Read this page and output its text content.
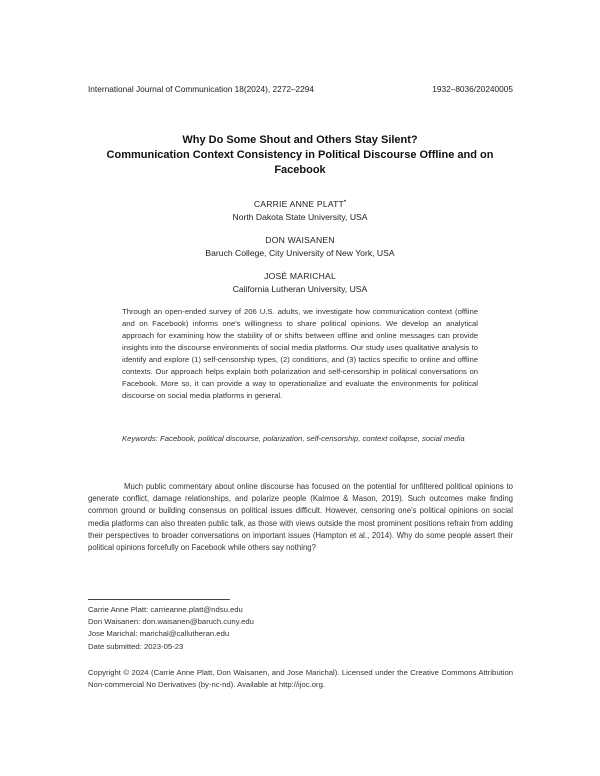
International Journal of Communication 18(2024), 2272–2294	1932–8036/20240005
Why Do Some Shout and Others Stay Silent?
Communication Context Consistency in Political Discourse Offline and on
Facebook
CARRIE ANNE PLATT•
North Dakota State University, USA
DON WAISANEN
Baruch College, City University of New York, USA
JOSÉ MARICHAL
California Lutheran University, USA

Through an open-ended survey of 206 U.S. adults, we investigate how communication context (offline and on Facebook) informs one's willingness to share political opinions. We develop an analytical approach for examining how the stability of or shifts between offline and online messages can provide insights into the discourse environments of social media platforms. Our study uses qualitative analysis to identify and explore (1) self-censorship types, (2) conditions, and (3) tactics specific to online and offline contexts. Our approach helps explain both polarization and self-censorship in political conversations on Facebook. More so, it can provide a way to operationalize and evaluate the environments for political discourse on social media platforms in general.

Keywords: Facebook, political discourse, polarization, self-censorship, context collapse, social media

Much public commentary about online discourse has focused on the potential for unfiltered political opinions to generate conflict, damage relationships, and polarize people (Kalmoe & Mason, 2019). Such outcomes make finding common ground or building consensus on political issues difficult. However, censoring one's political opinions on social media platforms can also threaten public talk, as those with views outside the most prominent positions refrain from adding their perspectives to broader conversations on important issues (Hampton et al., 2014). Why do some people assert their political opinions forcefully on Facebook while others say nothing?

Carrie Anne Platt: carrieanne.platt@ndsu.edu
Don Waisanen: don.waisanen@baruch.cuny.edu
Jose Marichal: marichal@callutheran.edu
Date submitted: 2023-05-23

Copyright © 2024 (Carrie Anne Platt, Don Waisanen, and Jose Marichal). Licensed under the Creative Commons Attribution Non-commercial No Derivatives (by-nc-nd). Available at http://ijoc.org.
